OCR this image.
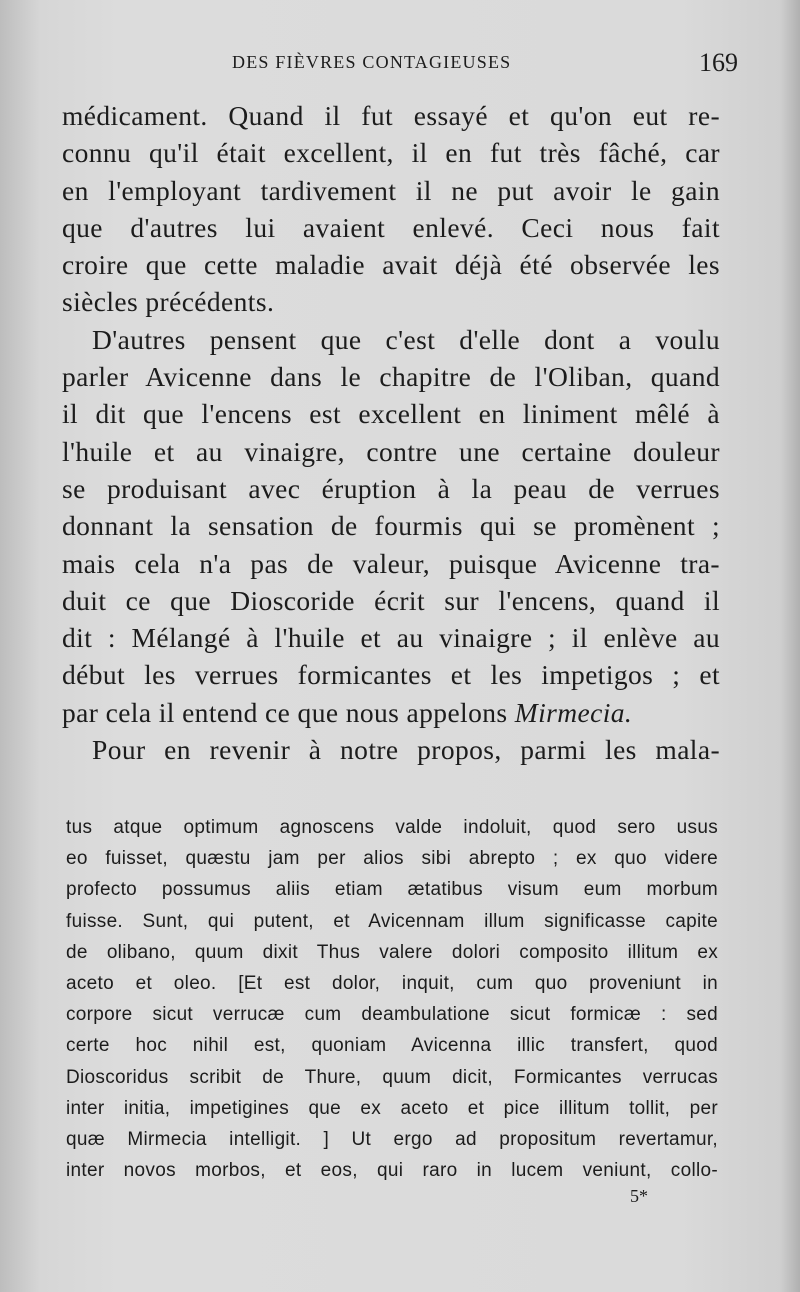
DES FIÈVRES CONTAGIEUSES	169
médicament. Quand il fut essayé et qu'on eut re-
connu qu'il était excellent, il en fut très fâché, car
en l'employant tardivement il ne put avoir le gain
que d'autres lui avaient enlevé. Ceci nous fait
croire que cette maladie avait déjà été observée les
siècles précédents.
D'autres pensent que c'est d'elle dont a voulu
parler Avicenne dans le chapitre de l'Oliban, quand
il dit que l'encens est excellent en liniment mêlé à
l'huile et au vinaigre, contre une certaine douleur
se produisant avec éruption à la peau de verrues
donnant la sensation de fourmis qui se promènent ;
mais cela n'a pas de valeur, puisque Avicenne tra-
duit ce que Dioscoride écrit sur l'encens, quand il
dit : Mélangé à l'huile et au vinaigre ; il enlève au
début les verrues formicantes et les impetigos ; et
par cela il entend ce que nous appelons Mirmecia.
Pour en revenir à notre propos, parmi les mala-
tus atque optimum agnoscens valde indoluit, quod sero usus
eo fuisset, quæstu jam per alios sibi abrepto ; ex quo videre
profecto possumus aliis etiam ætatibus visum eum morbum
fuisse. Sunt, qui putent, et Avicennam illum significasse capite
de olibano, quum dixit Thus valere dolori composito illitum ex
aceto et oleo. [Et est dolor, inquit, cum quo proveniunt in
corpore sicut verrucæ cum deambulatione sicut formicæ : sed
certe hoc nihil est, quoniam Avicenna illic transfert, quod
Dioscoridus scribit de Thure, quum dicit, Formicantes verrucas
inter initia, impetigines que ex aceto et pice illitum tollit, per
quæ Mirmecia intelligit. ] Ut ergo ad propositum revertamur,
inter novos morbos, et eos, qui raro in lucem veniunt, collo-
5*
